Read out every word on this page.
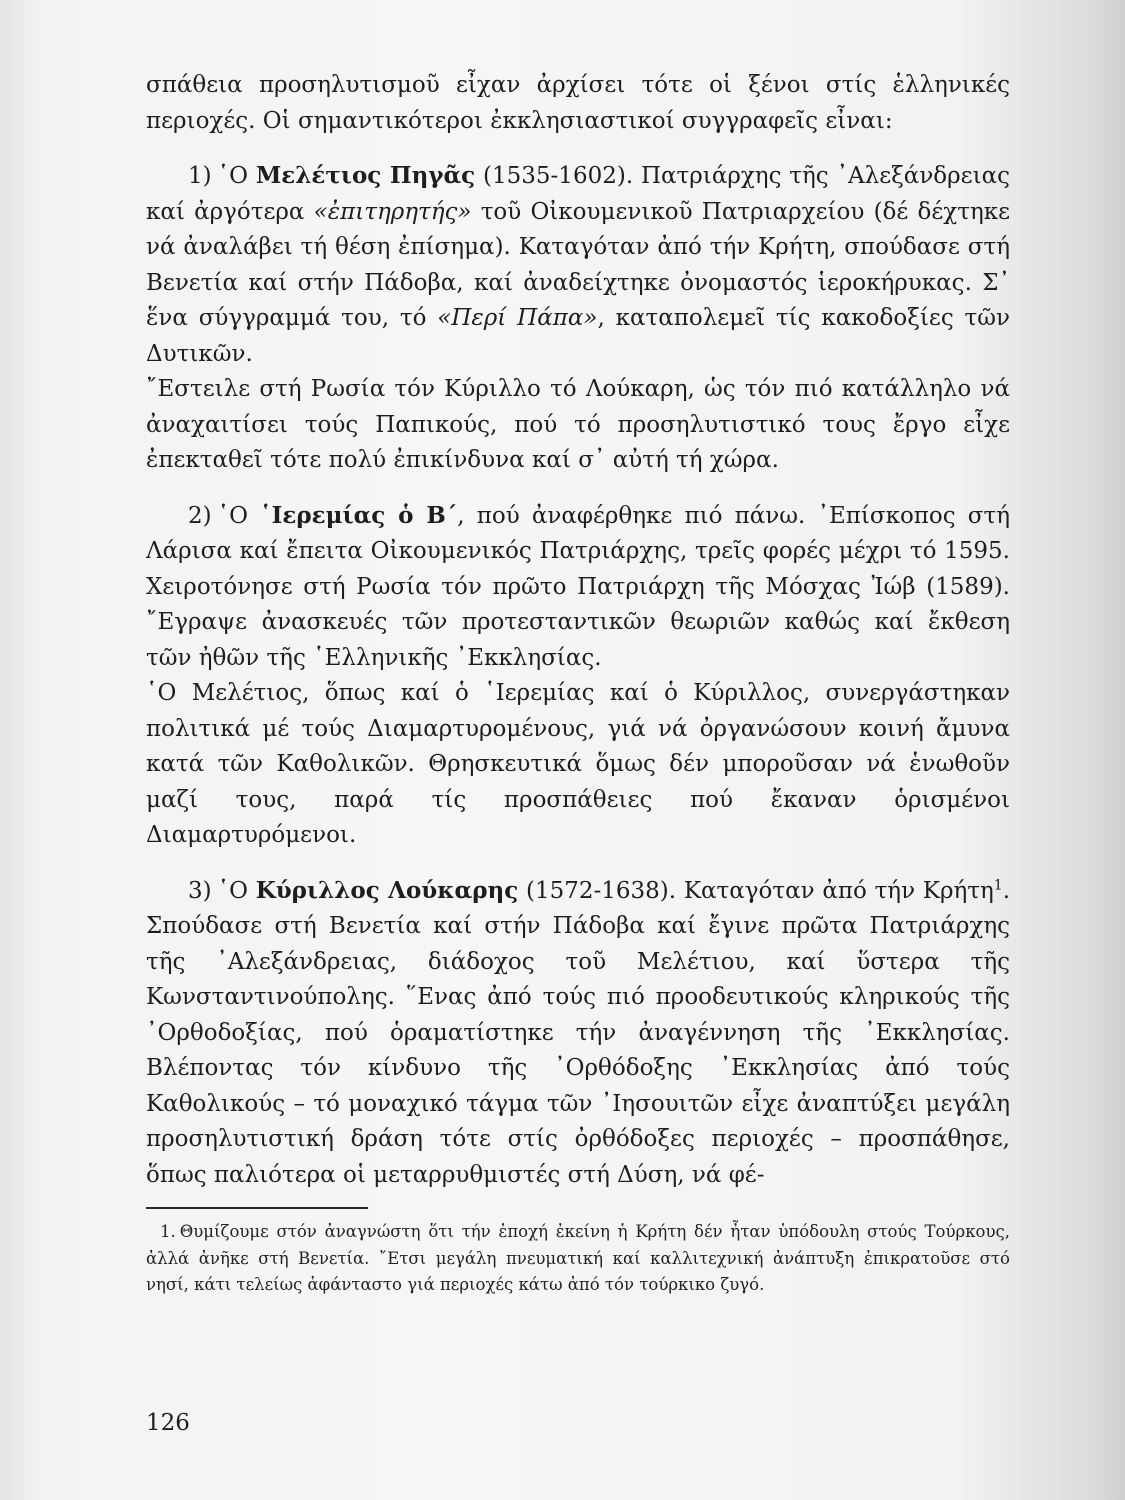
σπάθεια προσηλυτισμοῦ εἶχαν ἀρχίσει τότε οἱ ξένοι στίς ἑλληνικές περιοχές. Οἱ σημαντικότεροι ἐκκλησιαστικοί συγγραφεῖς εἶναι:

1) ῾Ο Μελέτιος Πηγᾶς (1535-1602). Πατριάρχης τῆς ᾿Αλεξάνδρειας καί ἀργότερα «ἐπιτηρητής» τοῦ Οἰκουμενικοῦ Πατριαρχείου (δέ δέχτηκε νά ἀναλάβει τή θέση ἐπίσημα). Καταγόταν ἀπό τήν Κρήτη, σπούδασε στή Βενετία καί στήν Πάδοβα, καί ἀναδείχτηκε ὀνομαστός ἱεροκήρυκας. Σ᾿ ἕνα σύγγραμμά του, τό «Περί Πάπα», καταπολεμεῖ τίς κακοδοξίες τῶν Δυτικῶν.

῎Εστειλε στή Ρωσία τόν Κύριλλο τό Λούκαρη, ὡς τόν πιό κατάλληλο νά ἀναχαιτίσει τούς Παπικούς, πού τό προσηλυτιστικό τους ἔργο εἶχε ἐπεκταθεῖ τότε πολύ ἐπικίνδυνα καί σ᾿ αὐτή τή χώρα.

2) ῾Ο ῾Ιερεμίας ὁ Β΄, πού ἀναφέρθηκε πιό πάνω. ᾿Επίσκοπος στή Λάρισα καί ἔπειτα Οἰκουμενικός Πατριάρχης, τρεῖς φορές μέχρι τό 1595. Χειροτόνησε στή Ρωσία τόν πρῶτο Πατριάρχη τῆς Μόσχας Ἰώβ (1589). ῎Εγραψε ἀνασκευές τῶν προτεσταντικῶν θεωριῶν καθώς καί ἔκθεση τῶν ἠθῶν τῆς ῾Ελληνικῆς ᾿Εκκλησίας.

῾Ο Μελέτιος, ὅπως καί ὁ ῾Ιερεμίας καί ὁ Κύριλλος, συνεργάστηκαν πολιτικά μέ τούς Διαμαρτυρομένους, γιά νά ὀργανώσουν κοινή ἄμυνα κατά τῶν Καθολικῶν. Θρησκευτικά ὅμως δέν μποροῦσαν νά ἑνωθοῦν μαζί τους, παρά τίς προσπάθειες πού ἔκαναν ὁρισμένοι Διαμαρτυρόμενοι.

3) ῾Ο Κύριλλος Λούκαρης (1572-1638). Καταγόταν ἀπό τήν Κρήτη$^1$. Σπούδασε στή Βενετία καί στήν Πάδοβα καί ἔγινε πρῶτα Πατριάρχης τῆς ᾿Αλεξάνδρειας, διάδοχος τοῦ Μελέτιου, καί ὕστερα τῆς Κωνσταντινούπολης. ῞Ενας ἀπό τούς πιό προοδευτικούς κληρικούς τῆς ᾿Ορθοδοξίας, πού ὁραματίστηκε τήν ἀναγέννηση τῆς ᾿Εκκλησίας. Βλέποντας τόν κίνδυνο τῆς ᾿Ορθόδοξης ᾿Εκκλησίας ἀπό τούς Καθολικούς – τό μοναχικό τάγμα τῶν ᾿Ιησουιτῶν εἶχε ἀναπτύξει μεγάλη προσηλυτιστική δράση τότε στίς ὀρθόδοξες περιοχές – προσπάθησε, ὅπως παλιότερα οἱ μεταρρυθμιστές στή Δύση, νά φέ-

1. Θυμίζουμε στόν ἀναγνώστη ὅτι τήν ἐποχή ἐκείνη ἡ Κρήτη δέν ἦταν ὑπόδουλη στούς Τούρκους, ἀλλά ἀνῆκε στή Βενετία. ῎Ετσι μεγάλη πνευματική καί καλλιτεχνική ἀνάπτυξη ἐπικρατοῦσε στό νησί, κάτι τελείως ἀφάνταστο γιά περιοχές κάτω ἀπό τόν τούρκικο ζυγό.

126
